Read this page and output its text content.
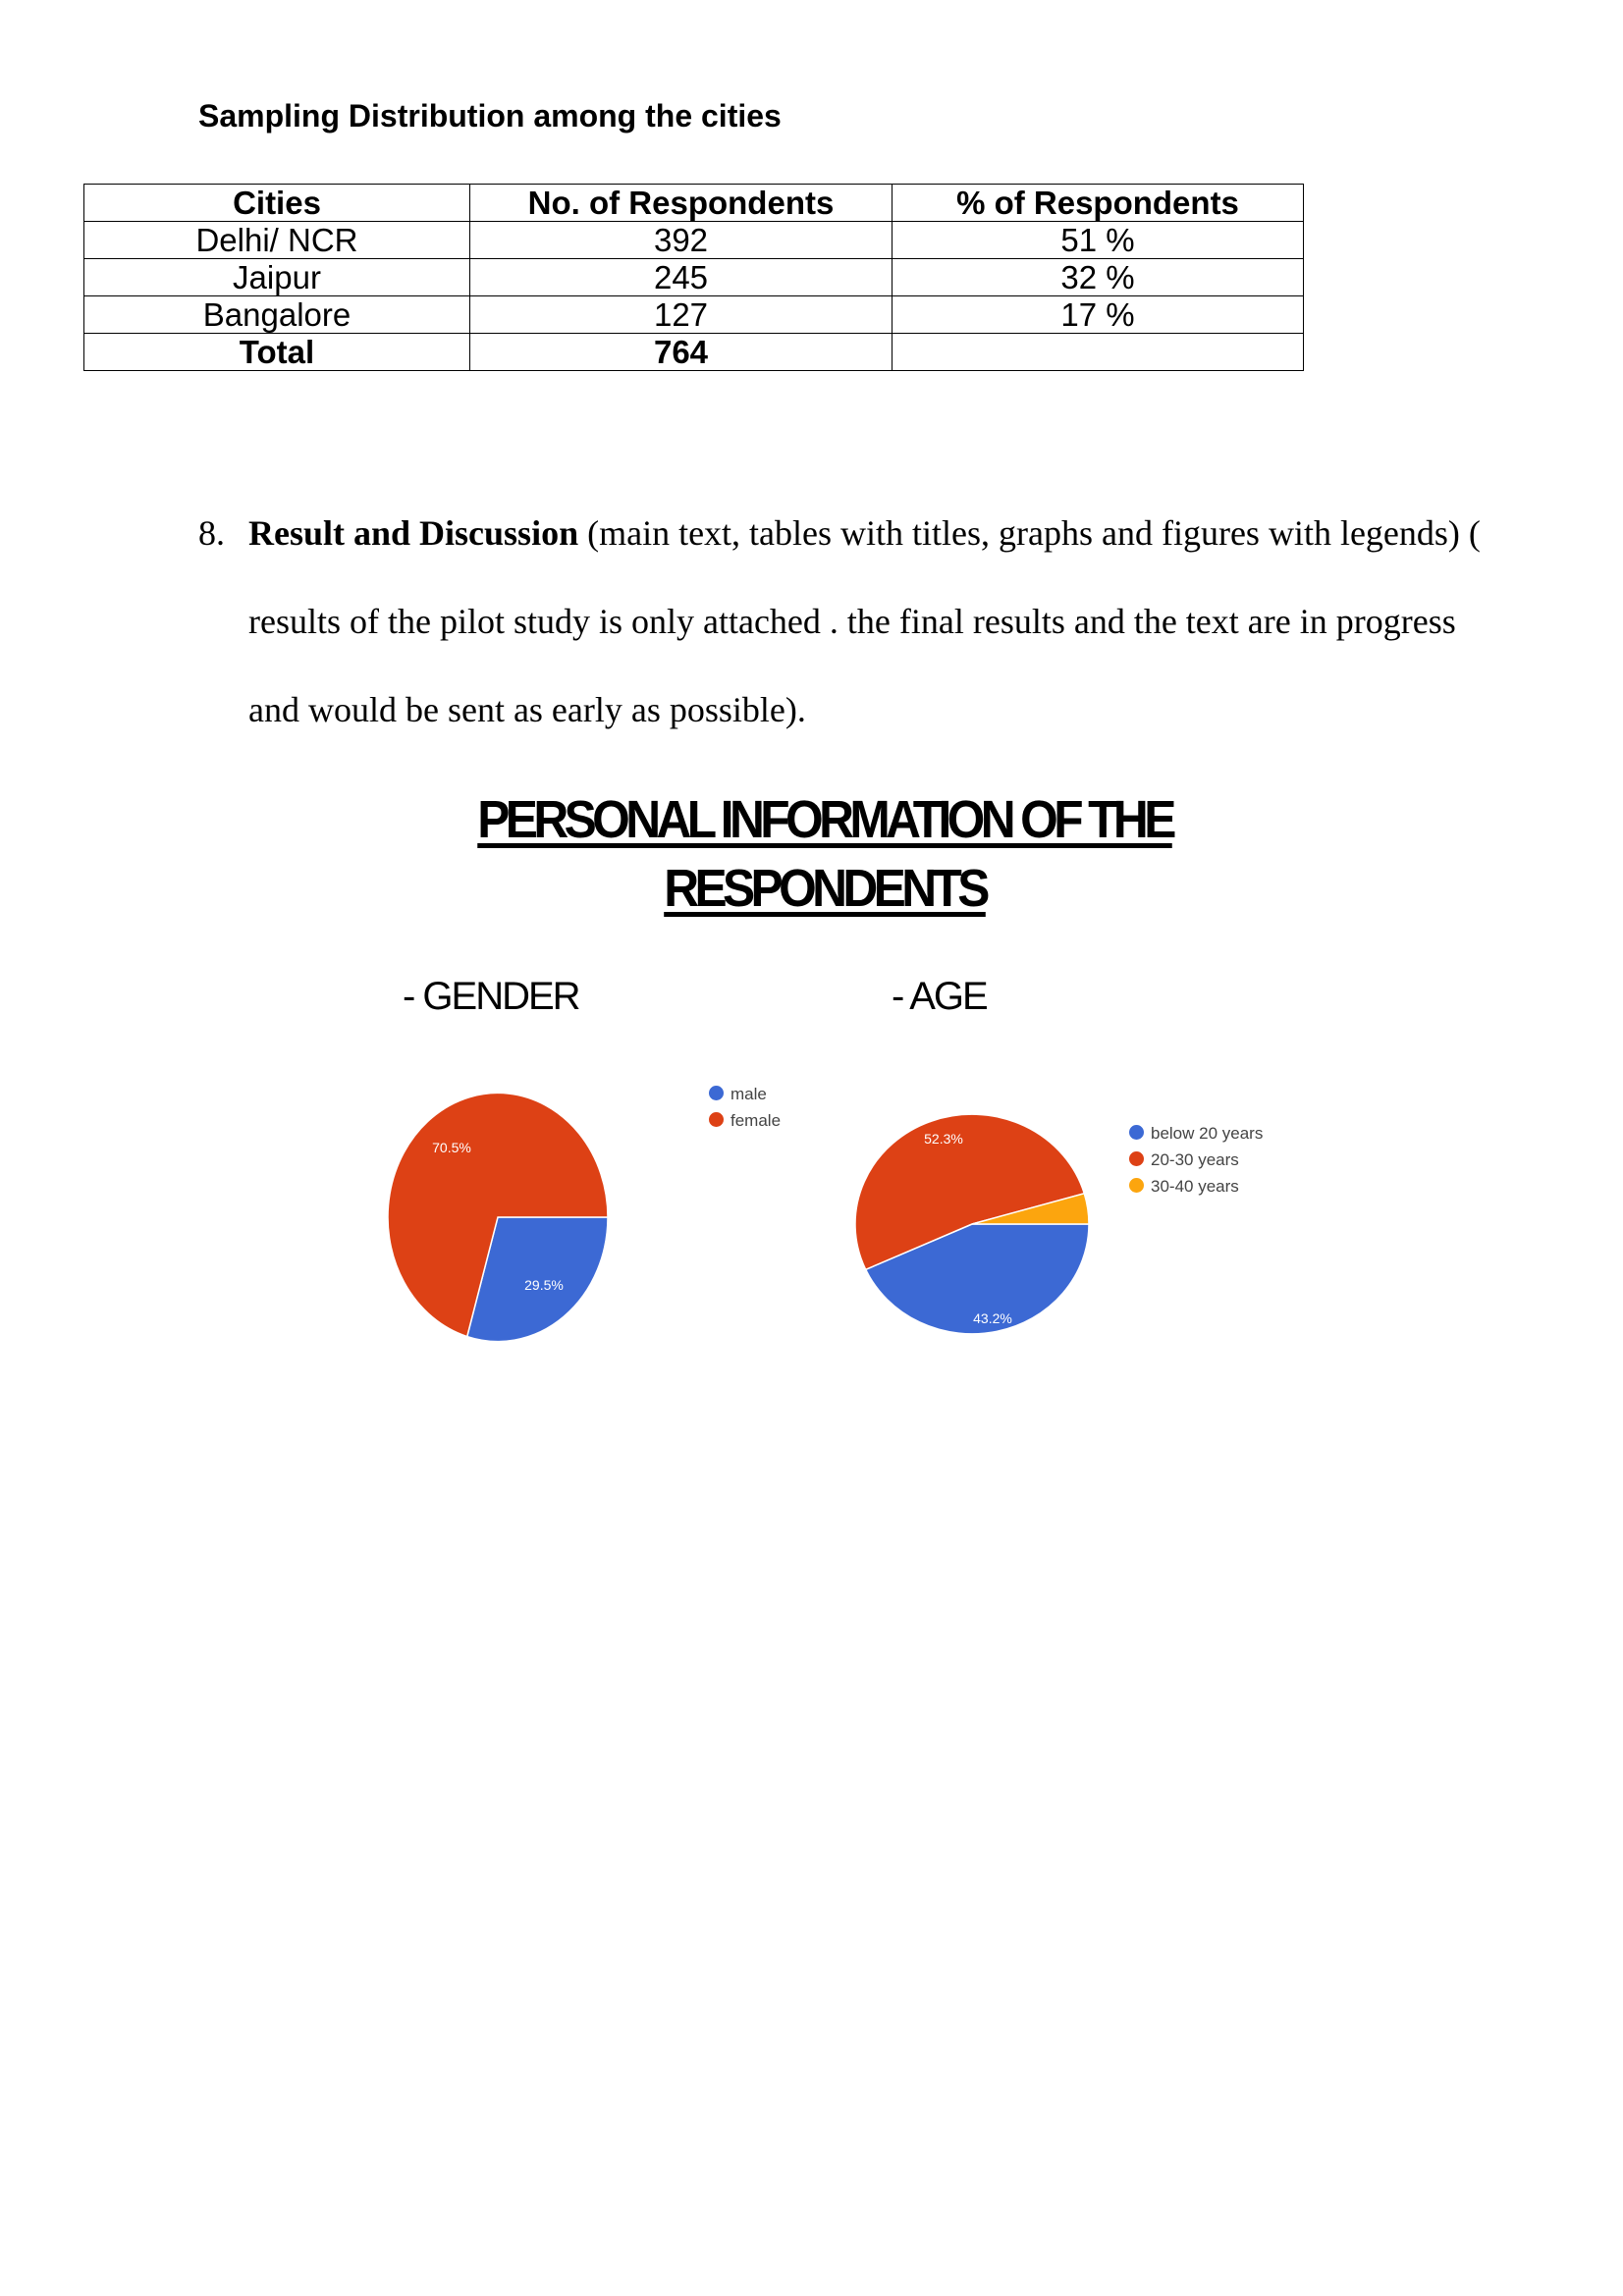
Sampling Distribution among the cities
Cities	No. of Respondents	% of Respondents
Delhi/ NCR	392	51 %
Jaipur	245	32 %
Bangalore	127	17 %
Total	764	
8. Result and Discussion (main text, tables with titles, graphs and figures with legends) ( results of the pilot study is only attached . the final results and the text are in progress and would be sent as early as possible).
PERSONAL INFORMATION OF THE
RESPONDENTS
- GENDER	- AGE
29.5%
70.5%
male
female
43.2%
52.3%	below 20 years
20-30 years
30-40 years
